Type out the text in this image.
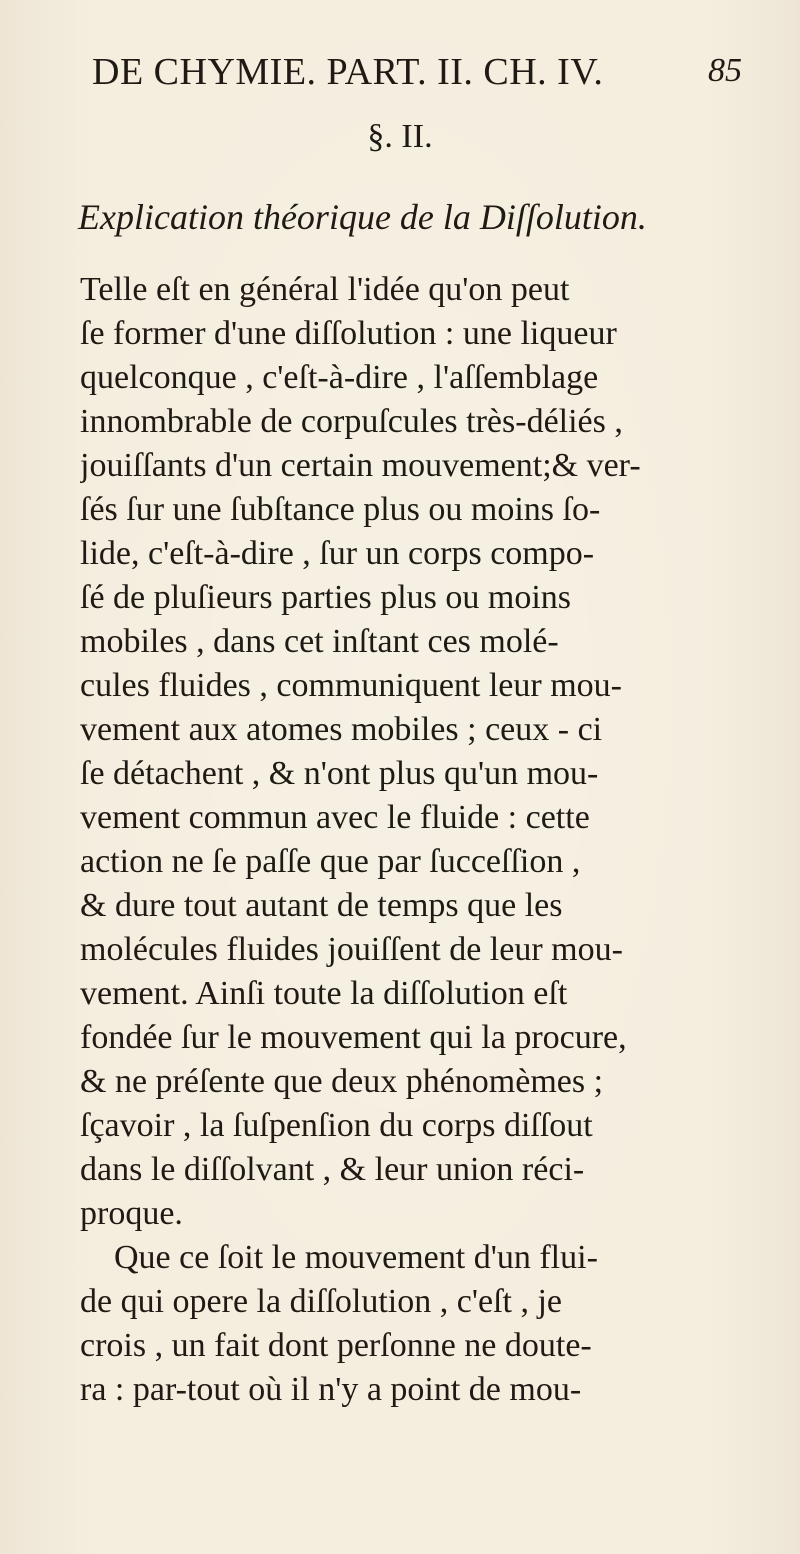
DE CHYMIE. PART. II. CH. IV.	85
§. II.
Explication théorique de la Diſſolution.
Telle eſt en général l'idée qu'on peut
ſe former d'une diſſolution : une liqueur
quelconque , c'eſt-à-dire , l'aſſemblage
innombrable de corpuſcules très-déliés ,
jouiſſants d'un certain mouvement;& ver-
ſés ſur une ſubſtance plus ou moins ſo-
lide, c'eſt-à-dire , ſur un corps compo-
ſé de pluſieurs parties plus ou moins
mobiles , dans cet inſtant ces molé-
cules fluides , communiquent leur mou-
vement aux atomes mobiles ; ceux - ci
ſe détachent , & n'ont plus qu'un mou-
vement commun avec le fluide : cette
action ne ſe paſſe que par ſucceſſion ,
& dure tout autant de temps que les
molécules fluides jouiſſent de leur mou-
vement. Ainſi toute la diſſolution eſt
fondée ſur le mouvement qui la procure,
& ne préſente que deux phénomèmes ;
ſçavoir , la ſuſpenſion du corps diſſout
dans le diſſolvant , & leur union réci-
proque.
Que ce ſoit le mouvement d'un flui-
de qui opere la diſſolution , c'eſt , je
crois , un fait dont perſonne ne doute-
ra : par-tout où il n'y a point de mou-
